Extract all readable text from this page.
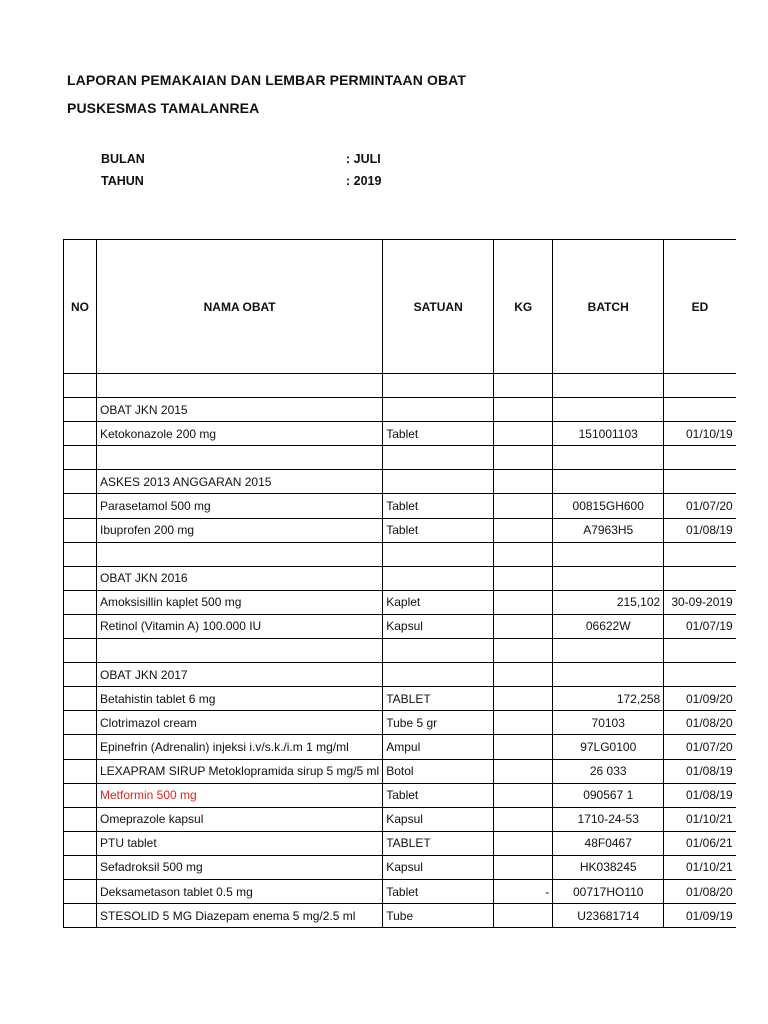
LAPORAN PEMAKAIAN DAN LEMBAR PERMINTAAN OBAT
PUSKESMAS TAMALANREA
BULAN	: JULI
TAHUN	: 2019
NO	NAMA OBAT	SATUAN	KG	BATCH	ED

	OBAT JKN 2015				
	Ketokonazole 200 mg	Tablet		151001103	01/10/19

	ASKES 2013 ANGGARAN 2015				
	Parasetamol 500 mg	Tablet		00815GH600	01/07/20
	Ibuprofen 200 mg	Tablet		A7963H5	01/08/19

	OBAT JKN 2016				
	Amoksisillin kaplet 500 mg	Kaplet		215,102	30-09-2019
	Retinol (Vitamin A) 100.000 IU	Kapsul		06622W	01/07/19

	OBAT JKN 2017				
	Betahistin tablet 6 mg	TABLET		172,258	01/09/20
	Clotrimazol cream	Tube 5 gr		70103	01/08/20
	Epinefrin (Adrenalin) injeksi i.v/s.k./i.m 1 mg/ml	Ampul		97LG0100	01/07/20
	LEXAPRAM SIRUP Metoklopramida sirup 5 mg/5 ml	Botol		26 033	01/08/19
	Metformin 500 mg	Tablet		090567 1	01/08/19
	Omeprazole kapsul	Kapsul		1710-24-53	01/10/21
	PTU tablet	TABLET		48F0467	01/06/21
	Sefadroksil 500 mg	Kapsul		HK038245	01/10/21
	Deksametason tablet 0.5 mg	Tablet	-	00717HO110	01/08/20
	STESOLID 5 MG Diazepam enema 5 mg/2.5 ml	Tube		U23681714	01/09/19
